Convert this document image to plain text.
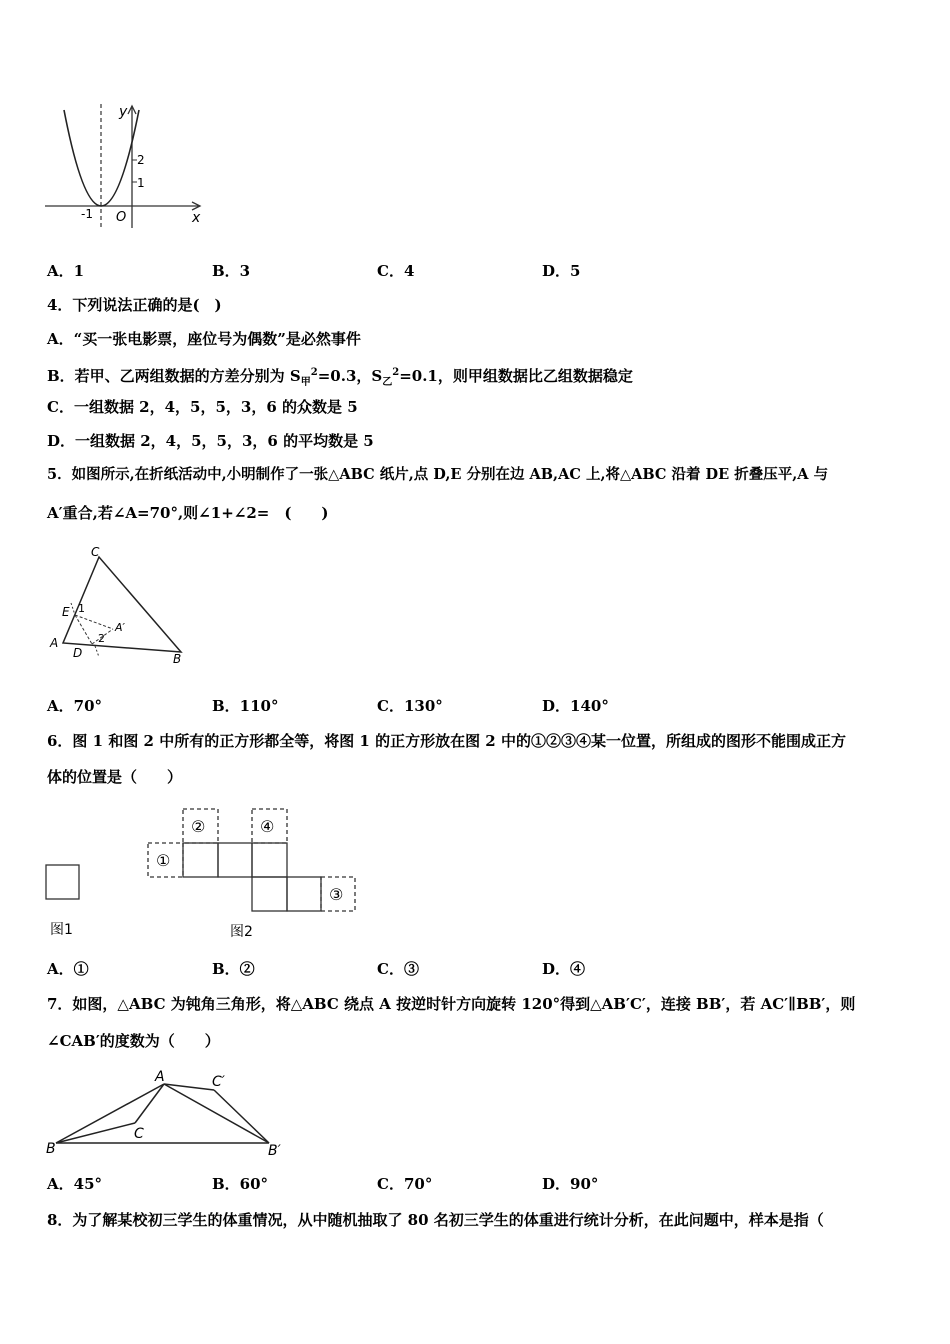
y
x
O
-1
1
2
A．1	B．3	C．4	D．5
4．下列说法正确的是(　)
A．“买一张电影票，座位号为偶数”是必然事件
B．若甲、乙两组数据的方差分别为 $S_甲^2=0.3$，$S_乙^2=0.1$，则甲组数据比乙组数据稳定
C．一组数据 2，4，5，5，3，6 的众数是 5
D．一组数据 2，4，5，5，3，6 的平均数是 5
5．如图所示,在折纸活动中,小明制作了一张△ABC 纸片,点 D,E 分别在边 AB,AC 上,将△ABC 沿着 DE 折叠压平,A 与
A′重合,若∠A=70°,则∠1+∠2=　(　　)
C
E 1
A′
2
A
D	B
A．70°	B．110°	C．130°	D．140°
6．图 1 和图 2 中所有的正方形都全等，将图 1 的正方形放在图 2 中的①②③④某一位置，所组成的图形不能围成正方
体的位置是（　　）
①
②	④
③
图1	图2
A．①	B．②	C．③	D．④
7．如图，△ABC 为钝角三角形，将△ABC 绕点 A 按逆时针方向旋转 120°得到△AB′C′，连接 BB′，若 AC′∥BB′，则
∠CAB′的度数为（　　）
A	C′
C
B	B′
A．45°	B．60°	C．70°	D．90°
8．为了解某校初三学生的体重情况，从中随机抽取了 80 名初三学生的体重进行统计分析，在此问题中，样本是指（
